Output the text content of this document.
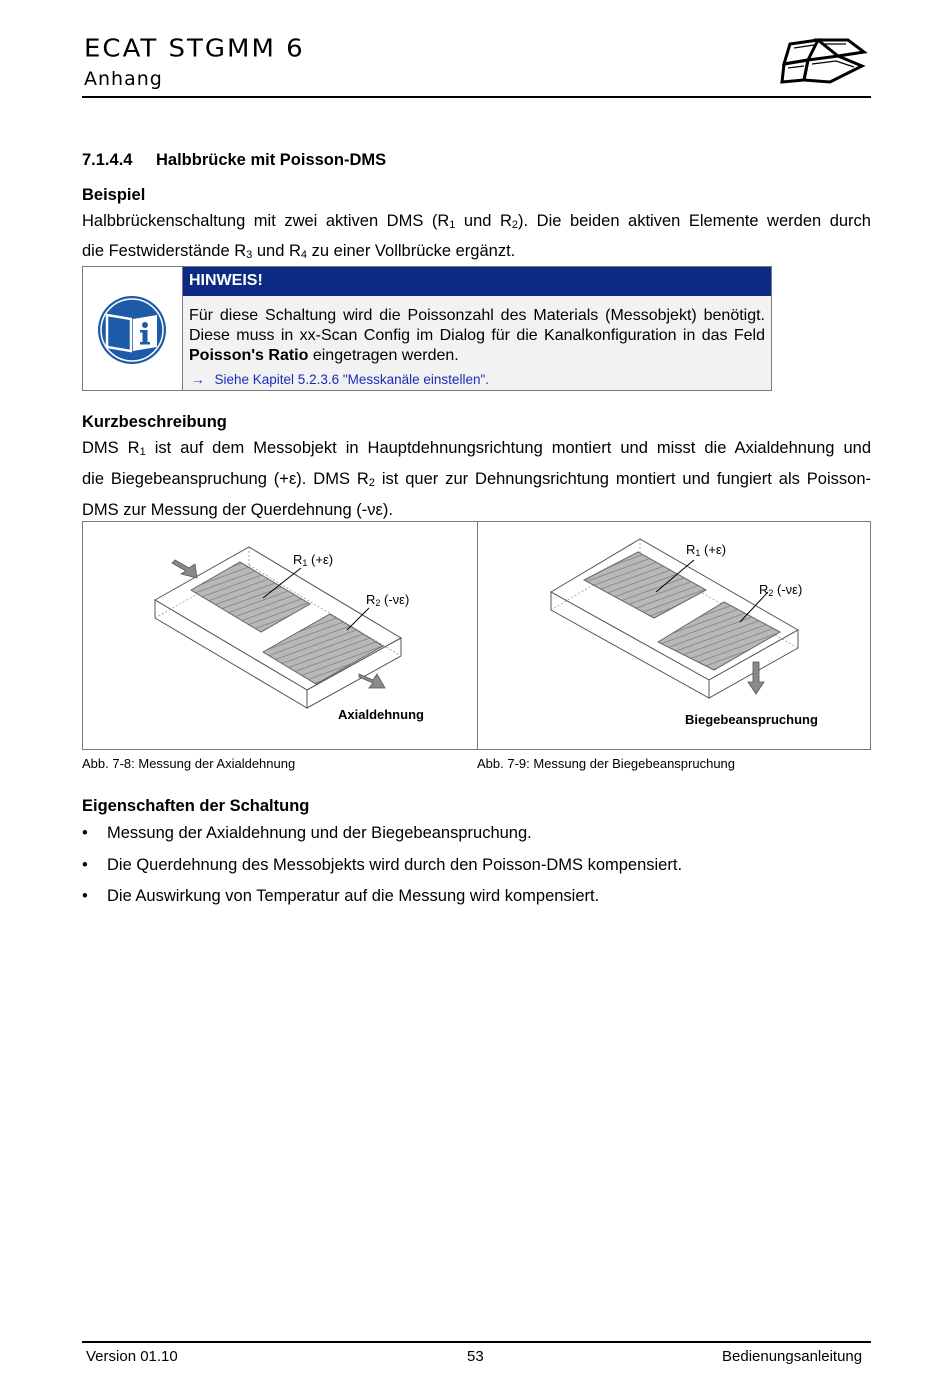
ECAT STGMM 6
Anhang
7.1.4.4 Halbbrücke mit Poisson-DMS
Beispiel
Halbbrückenschaltung mit zwei aktiven DMS ($R_1$ und $R_2$). Die beiden aktiven Elemente werden durch
die Festwiderstände $R_3$ und $R_4$ zu einer Vollbrücke ergänzt.
HINWEIS!
Für diese Schaltung wird die Poissonzahl des Materials (Messobjekt) benötigt. Diese muss in xx-Scan Config im Dialog für die Kanalkonfiguration in das Feld Poisson's Ratio eingetragen werden.
→ Siehe Kapitel 5.2.3.6 "Messkanäle einstellen".
Kurzbeschreibung
DMS $R_1$ ist auf dem Messobjekt in Hauptdehnungsrichtung montiert und misst die Axialdehnung und
die Biegebeanspruchung (+ε). DMS $R_2$ ist quer zur Dehnungsrichtung montiert und fungiert als Poisson-
DMS zur Messung der Querdehnung (-νε).
$R_1$ (+ε)
$R_2$ (-νε)
Axialdehnung
$R_1$ (+ε)
$R_2$ (-νε)
Biegebeanspruchung
Abb. 7-8: Messung der Axialdehnung	Abb. 7-9: Messung der Biegebeanspruchung
Eigenschaften der Schaltung
• Messung der Axialdehnung und der Biegebeanspruchung.
• Die Querdehnung des Messobjekts wird durch den Poisson-DMS kompensiert.
• Die Auswirkung von Temperatur auf die Messung wird kompensiert.
Version 01.10	53	Bedienungsanleitung
